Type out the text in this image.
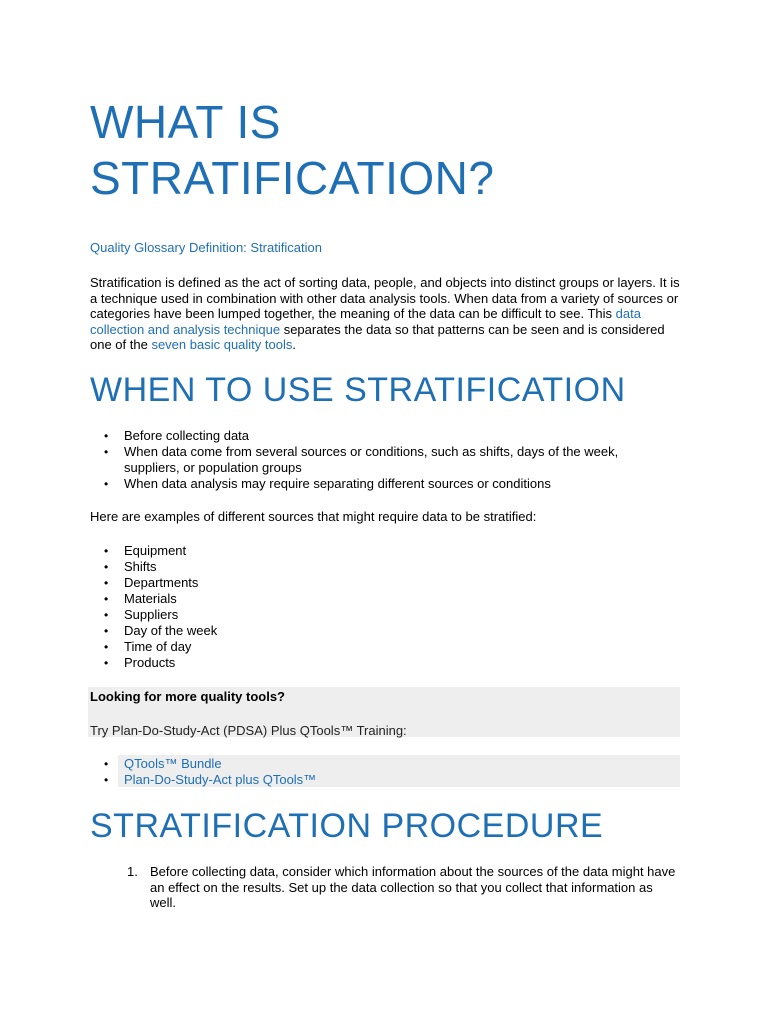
WHAT IS
STRATIFICATION?
Quality Glossary Definition: Stratification
Stratification is defined as the act of sorting data, people, and objects into distinct groups or layers. It is a technique used in combination with other data analysis tools. When data from a variety of sources or categories have been lumped together, the meaning of the data can be difficult to see. This data collection and analysis technique separates the data so that patterns can be seen and is considered one of the seven basic quality tools.
WHEN TO USE STRATIFICATION
• Before collecting data
• When data come from several sources or conditions, such as shifts, days of the week, suppliers, or population groups
• When data analysis may require separating different sources or conditions
Here are examples of different sources that might require data to be stratified:
• Equipment
• Shifts
• Departments
• Materials
• Suppliers
• Day of the week
• Time of day
• Products
Looking for more quality tools?
Try Plan-Do-Study-Act (PDSA) Plus QTools™ Training:
• QTools™ Bundle
• Plan-Do-Study-Act plus QTools™
STRATIFICATION PROCEDURE
1. Before collecting data, consider which information about the sources of the data might have an effect on the results. Set up the data collection so that you collect that information as well.
